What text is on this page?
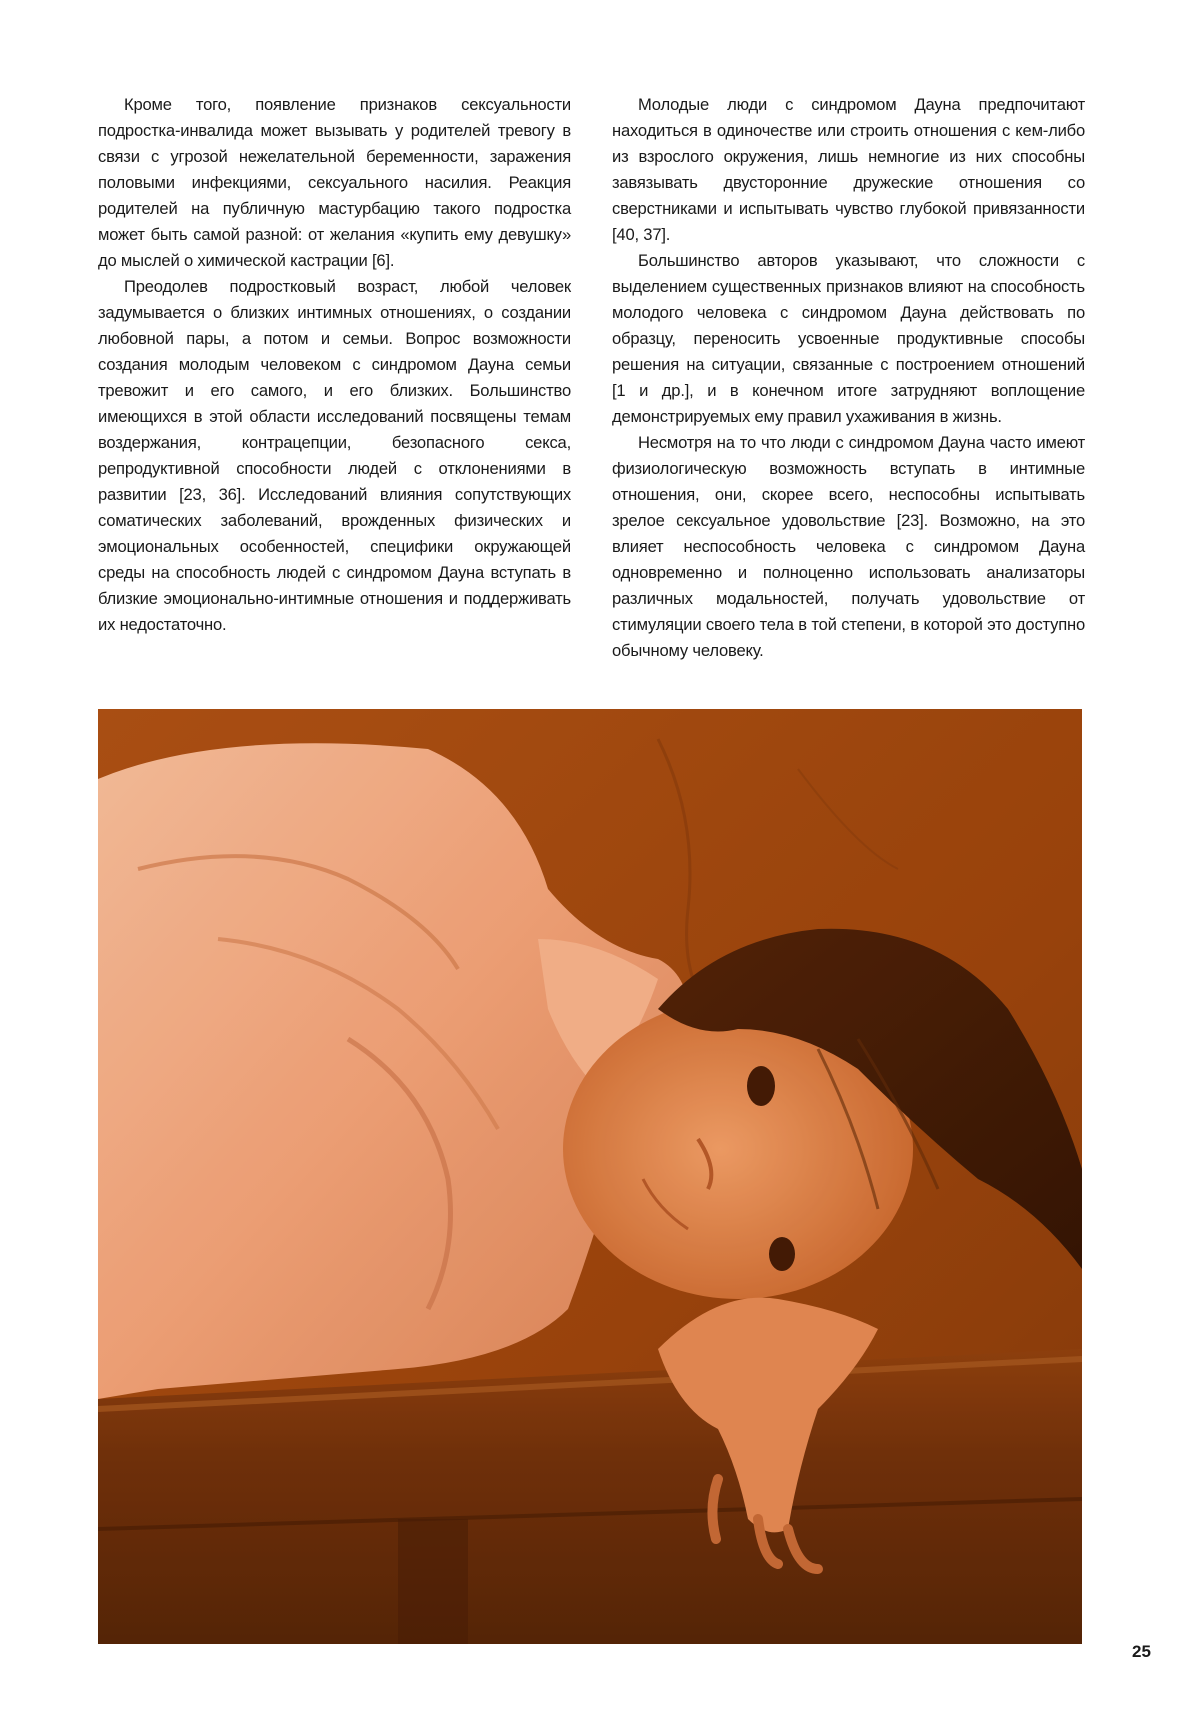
Кроме того, появление признаков сексуальности подростка-инвалида может вызывать у родителей тревогу в связи с угрозой нежелательной беременности, заражения половыми инфекциями, сексуального насилия. Реакция родителей на публичную мастурбацию такого подростка может быть самой разной: от желания «купить ему девушку» до мыслей о химической кастрации [6].

Преодолев подростковый возраст, любой человек задумывается о близких интимных отношениях, о создании любовной пары, а потом и семьи. Вопрос возможности создания молодым человеком с синдромом Дауна семьи тревожит и его самого, и его близких. Большинство имеющихся в этой области исследований посвящены темам воздержания, контрацепции, безопасного секса, репродуктивной способности людей с отклонениями в развитии [23, 36]. Исследований влияния сопутствующих соматических заболеваний, врожденных физических и эмоциональных особенностей, специфики окружающей среды на способность людей с синдромом Дауна вступать в близкие эмоционально-интимные отношения и поддерживать их недостаточно.

Молодые люди с синдромом Дауна предпочитают находиться в одиночестве или строить отношения с кем-либо из взрослого окружения, лишь немногие из них способны завязывать двусторонние дружеские отношения со сверстниками и испытывать чувство глубокой привязанности [40, 37].

Большинство авторов указывают, что сложности с выделением существенных признаков влияют на способность молодого человека с синдромом Дауна действовать по образцу, переносить усвоенные продуктивные способы решения на ситуации, связанные с построением отношений [1 и др.], и в конечном итоге затрудняют воплощение демонстрируемых ему правил ухаживания в жизнь.

Несмотря на то что люди с синдромом Дауна часто имеют физиологическую возможность вступать в интимные отношения, они, скорее всего, неспособны испытывать зрелое сексуальное удовольствие [23]. Возможно, на это влияет неспособность человека с синдромом Дауна одновременно и полноценно использовать анализаторы различных модальностей, получать удовольствие от стимуляции своего тела в той степени, в которой это доступно обычному человеку.

25
